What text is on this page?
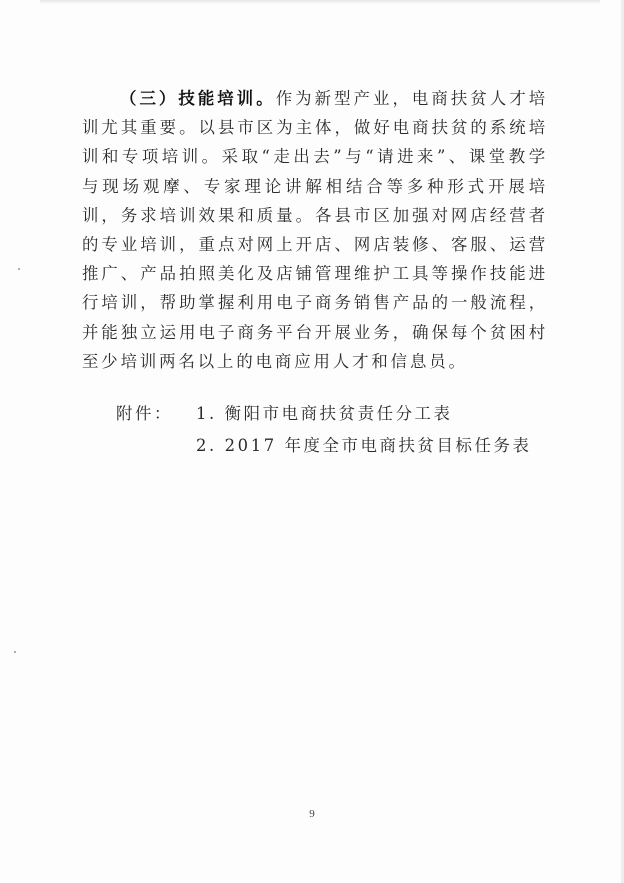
（三）技能培训。作为新型产业，电商扶贫人才培训尤其重要。以县市区为主体，做好电商扶贫的系统培训和专项培训。采取“走出去”与“请进来”、课堂教学与现场观摩、专家理论讲解相结合等多种形式开展培训，务求培训效果和质量。各县市区加强对网店经营者的专业培训，重点对网上开店、网店装修、客服、运营推广、产品拍照美化及店铺管理维护工具等操作技能进行培训，帮助掌握利用电子商务销售产品的一般流程，并能独立运用电子商务平台开展业务，确保每个贫困村至少培训两名以上的电商应用人才和信息员。

附件：	1. 衡阳市电商扶贫责任分工表
2. 2017 年度全市电商扶贫目标任务表
9
